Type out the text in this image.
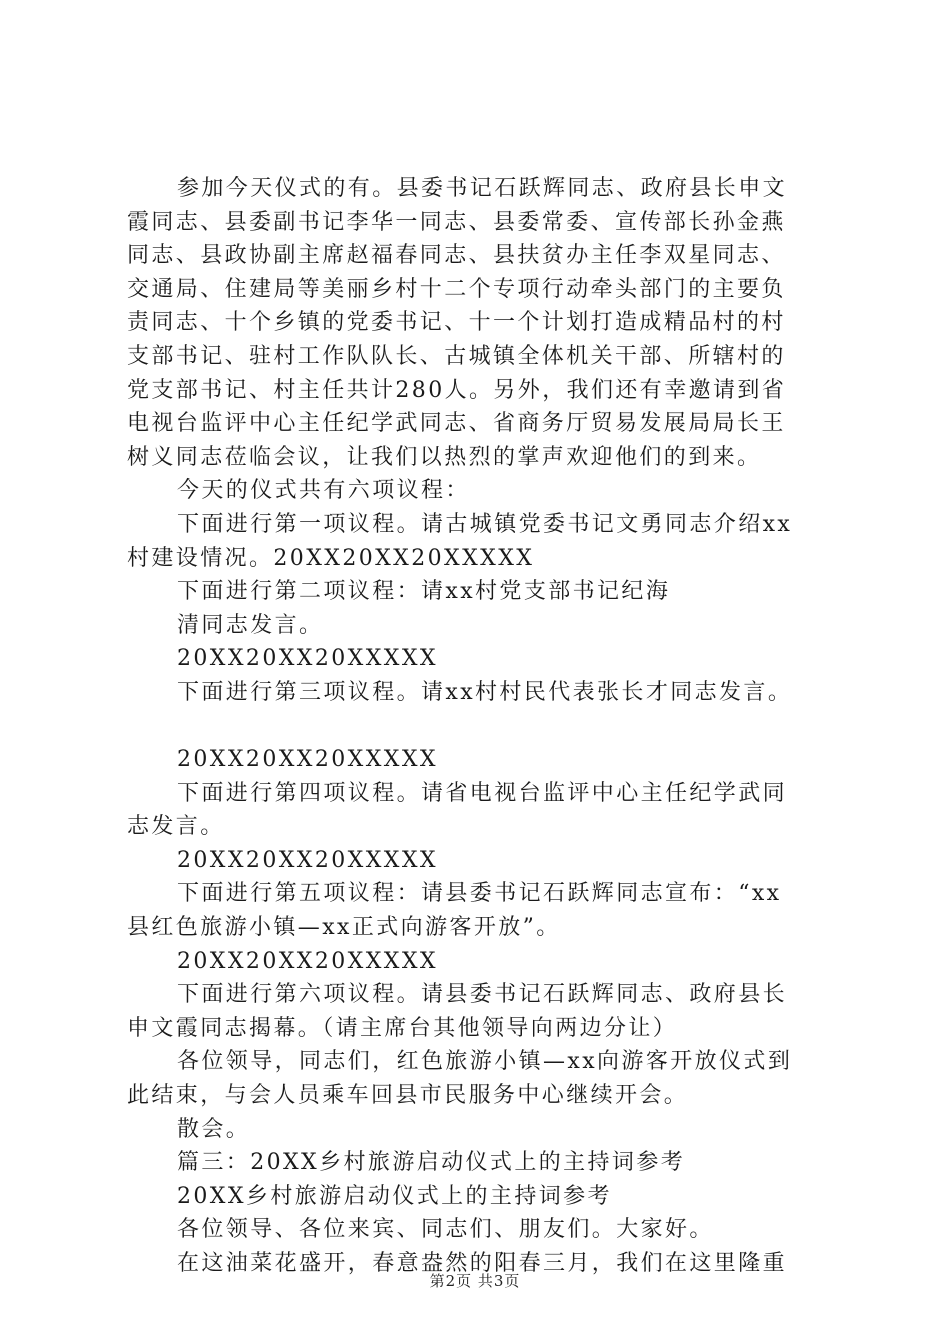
参加今天仪式的有。县委书记石跃辉同志、政府县长申文
霞同志、县委副书记李华一同志、县委常委、宣传部长孙金燕
同志、县政协副主席赵福春同志、县扶贫办主任李双星同志、
交通局、住建局等美丽乡村十二个专项行动牵头部门的主要负
责同志、十个乡镇的党委书记、十一个计划打造成精品村的村
支部书记、驻村工作队队长、古城镇全体机关干部、所辖村的
党支部书记、村主任共计280人。另外，我们还有幸邀请到省
电视台监评中心主任纪学武同志、省商务厅贸易发展局局长王
树义同志莅临会议，让我们以热烈的掌声欢迎他们的到来。
今天的仪式共有六项议程：
下面进行第一项议程。请古城镇党委书记文勇同志介绍xx
村建设情况。20XX20XX20XXXXX
下面进行第二项议程：请xx村党支部书记纪海
清同志发言。
20XX20XX20XXXXX
下面进行第三项议程。请xx村村民代表张长才同志发言。
20XX20XX20XXXXX
下面进行第四项议程。请省电视台监评中心主任纪学武同
志发言。
20XX20XX20XXXXX
下面进行第五项议程：请县委书记石跃辉同志宣布：“xx
县红色旅游小镇—xx正式向游客开放”。
20XX20XX20XXXXX
下面进行第六项议程。请县委书记石跃辉同志、政府县长
申文霞同志揭幕。（请主席台其他领导向两边分让）
各位领导，同志们，红色旅游小镇—xx向游客开放仪式到
此结束，与会人员乘车回县市民服务中心继续开会。
散会。
篇三：20XX乡村旅游启动仪式上的主持词参考
20XX乡村旅游启动仪式上的主持词参考
各位领导、各位来宾、同志们、朋友们。大家好。
在这油菜花盛开，春意盎然的阳春三月，我们在这里隆重
第2页 共3页
